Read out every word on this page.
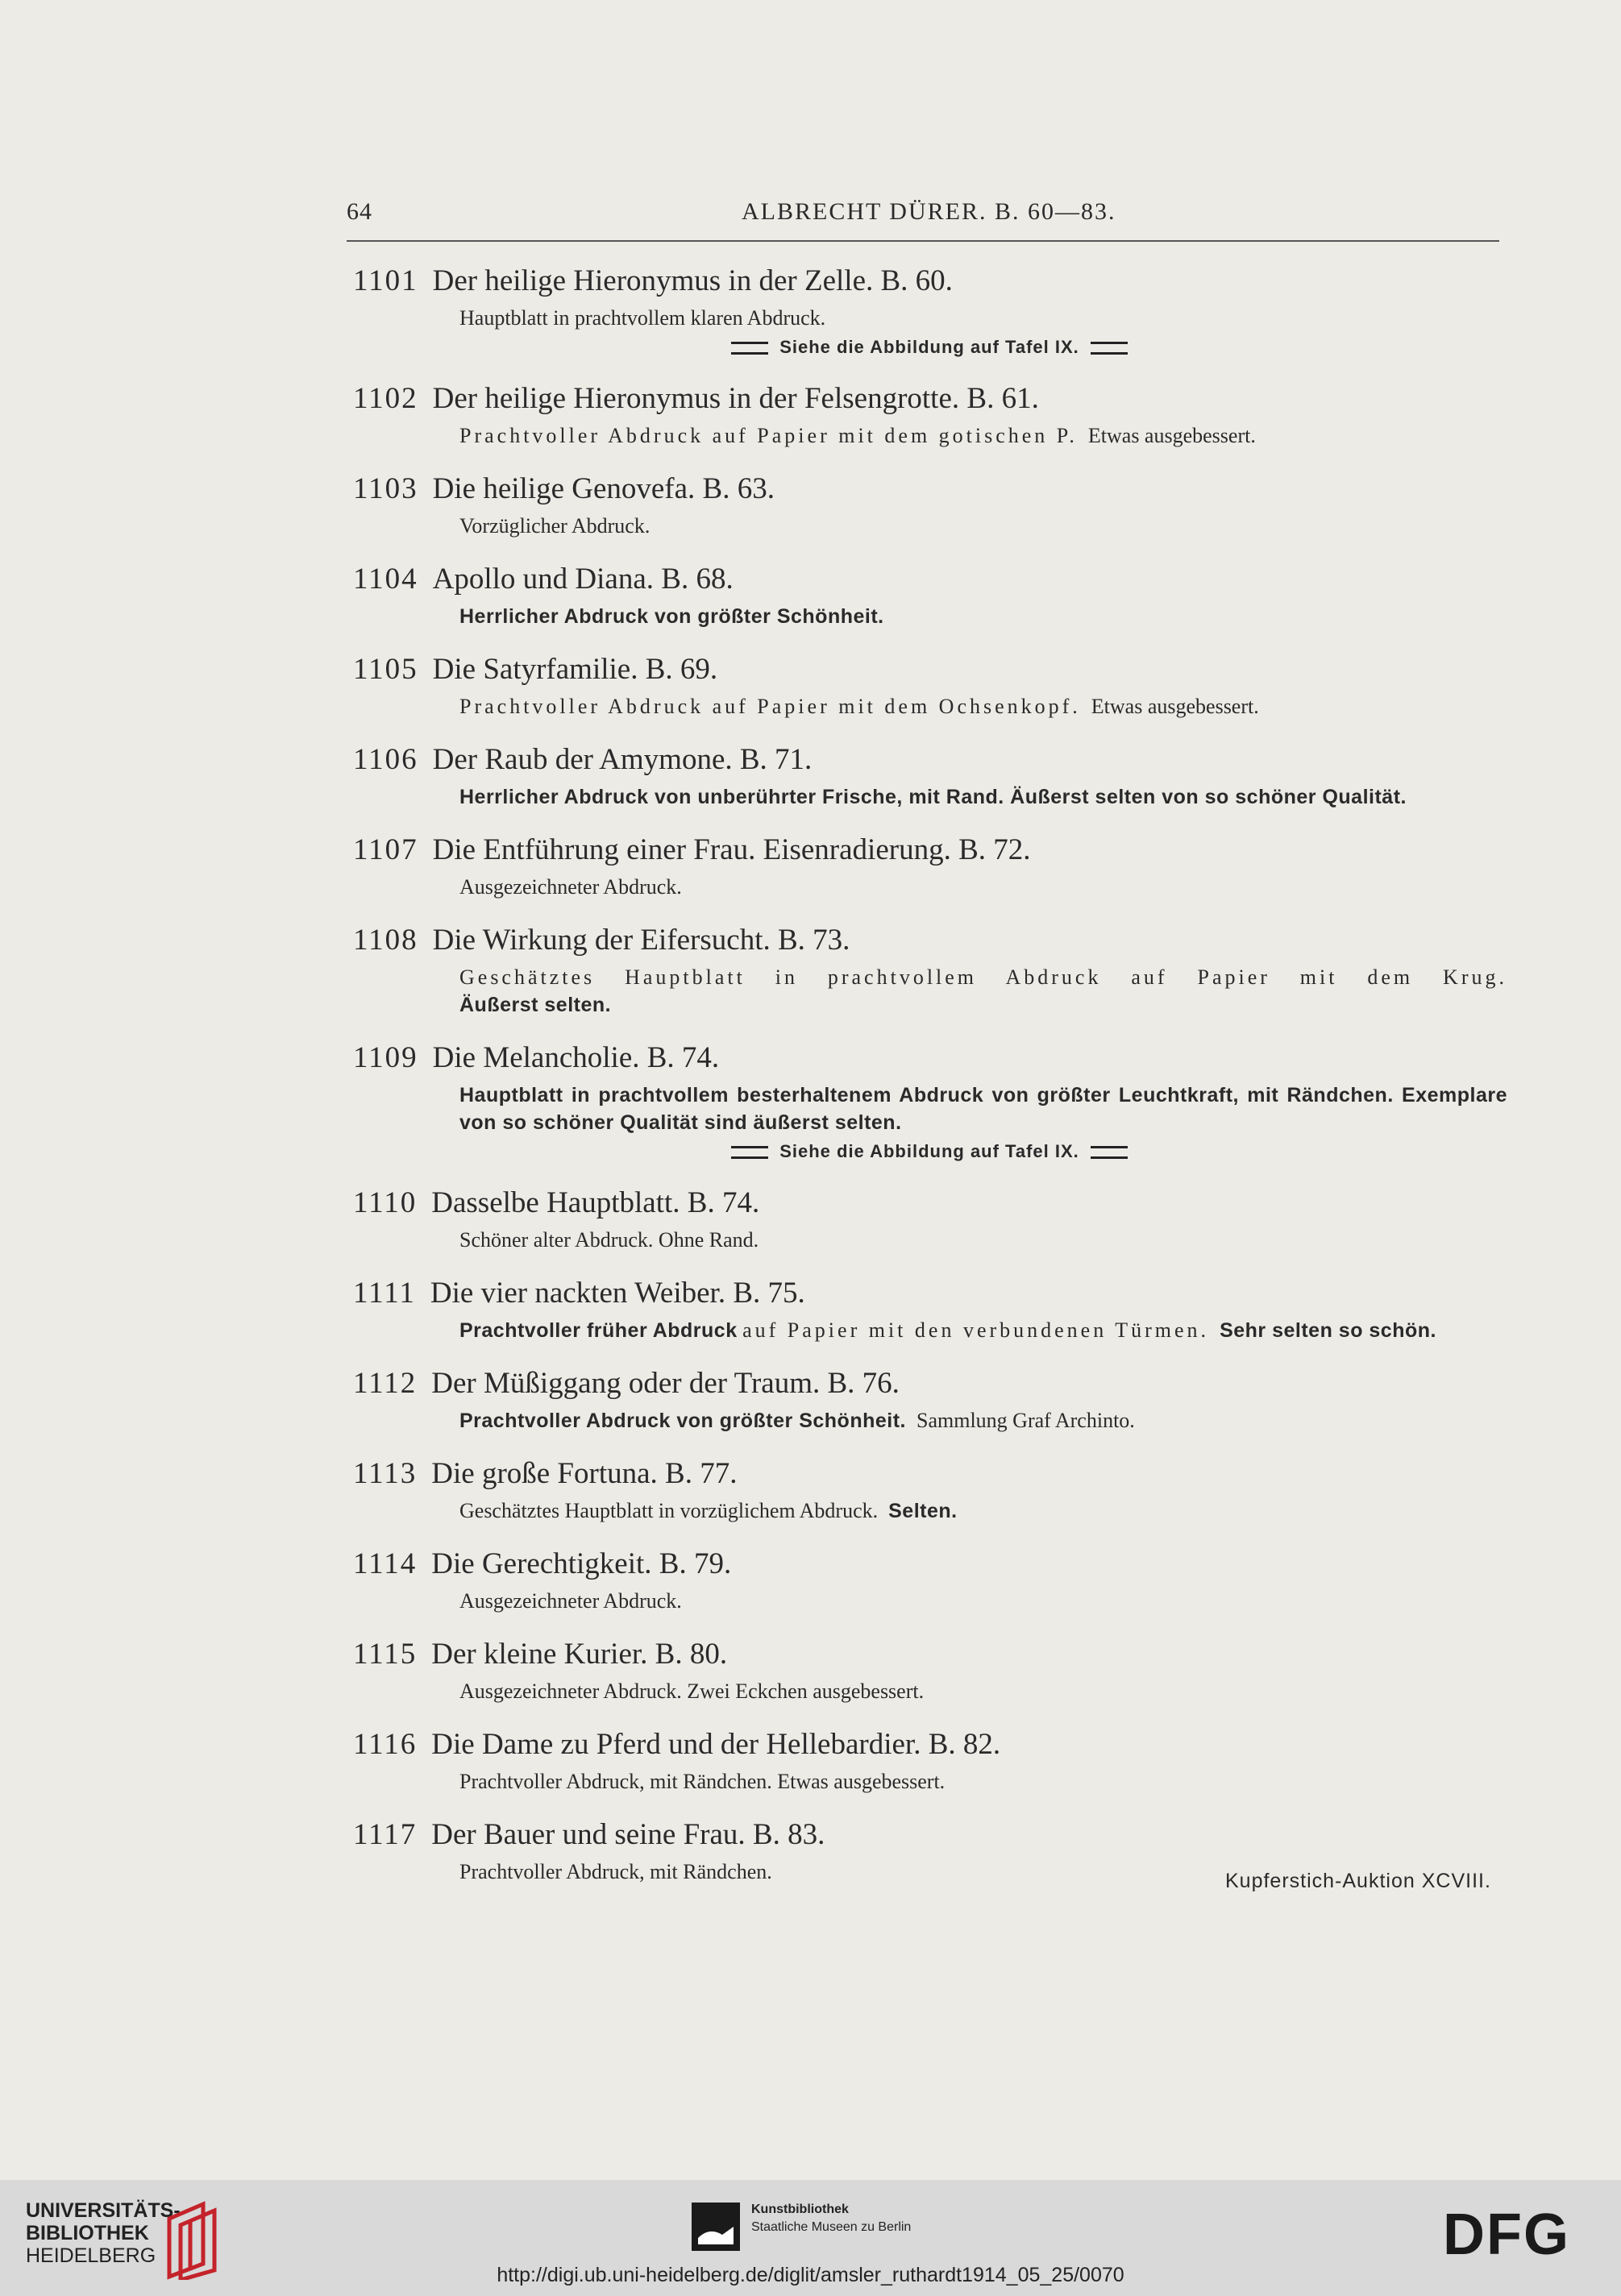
64	ALBRECHT DÜRER. B. 60—83.
1101 Der heilige Hieronymus in der Zelle. B. 60.
Hauptblatt in prachtvollem klaren Abdruck.
Siehe die Abbildung auf Tafel IX.
1102 Der heilige Hieronymus in der Felsengrotte. B. 61.
Prachtvoller Abdruck auf Papier mit dem gotischen P. Etwas ausgebessert.
1103 Die heilige Genovefa. B. 63.
Vorzüglicher Abdruck.
1104 Apollo und Diana. B. 68.
Herrlicher Abdruck von größter Schönheit.
1105 Die Satyrfamilie. B. 69.
Prachtvoller Abdruck auf Papier mit dem Ochsenkopf. Etwas ausgebessert.
1106 Der Raub der Amymone. B. 71.
Herrlicher Abdruck von unberührter Frische, mit Rand. Äußerst selten von so schöner Qualität.
1107 Die Entführung einer Frau. Eisenradierung. B. 72.
Ausgezeichneter Abdruck.
1108 Die Wirkung der Eifersucht. B. 73.
Geschätztes Hauptblatt in prachtvollem Abdruck auf Papier mit dem Krug.
Äußerst selten.
1109 Die Melancholie. B. 74.
Hauptblatt in prachtvollem besterhaltenem Abdruck von größter Leuchtkraft, mit Rändchen. Exemplare von so schöner Qualität sind äußerst selten.
Siehe die Abbildung auf Tafel IX.
1110 Dasselbe Hauptblatt. B. 74.
Schöner alter Abdruck. Ohne Rand.
1111 Die vier nackten Weiber. B. 75.
Prachtvoller früher Abdruck auf Papier mit den verbundenen Türmen. Sehr selten so schön.
1112 Der Müßiggang oder der Traum. B. 76.
Prachtvoller Abdruck von größter Schönheit. Sammlung Graf Archinto.
1113 Die große Fortuna. B. 77.
Geschätztes Hauptblatt in vorzüglichem Abdruck. Selten.
1114 Die Gerechtigkeit. B. 79.
Ausgezeichneter Abdruck.
1115 Der kleine Kurier. B. 80.
Ausgezeichneter Abdruck. Zwei Eckchen ausgebessert.
1116 Die Dame zu Pferd und der Hellebardier. B. 82.
Prachtvoller Abdruck, mit Rändchen. Etwas ausgebessert.
1117 Der Bauer und seine Frau. B. 83.
Prachtvoller Abdruck, mit Rändchen.	Kupferstich-Auktion XCVIII.
UNIVERSITÄTS-
BIBLIOTHEK
HEIDELBERG
Kunstbibliothek
Staatliche Museen zu Berlin	DFG
http://digi.ub.uni-heidelberg.de/diglit/amsler_ruthardt1914_05_25/0070
